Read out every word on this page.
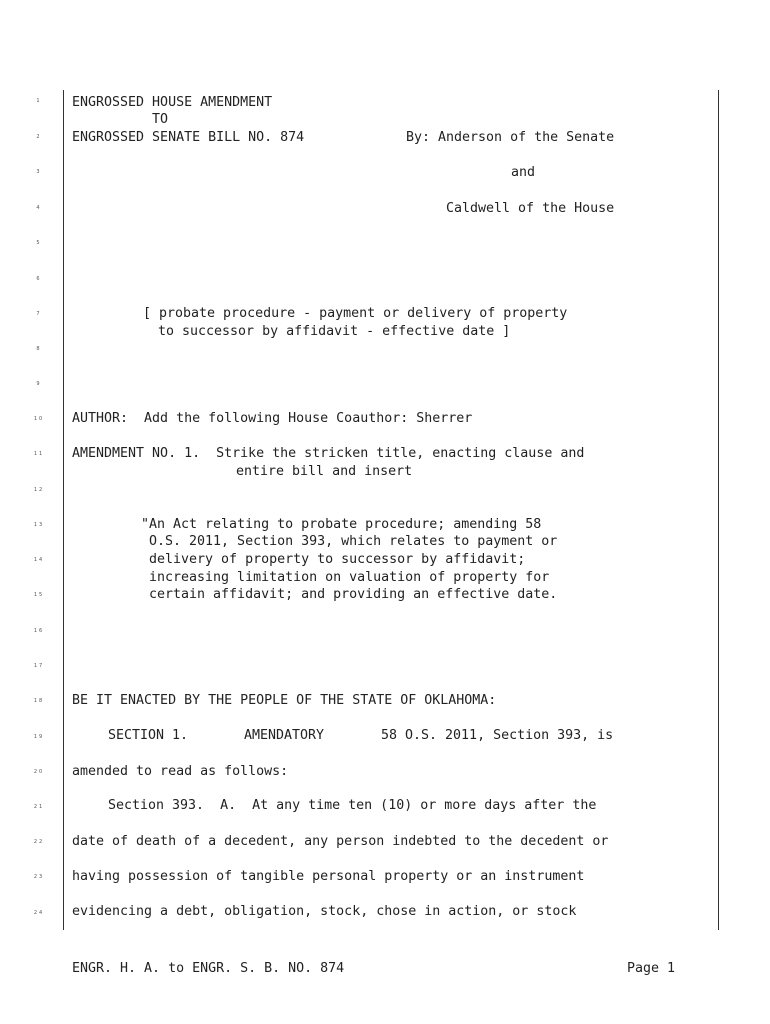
1
2
3
4
5
6
7
8
9
10
11
12
13
14
15
16
17
18
19
20
21
22
23
24
ENGROSSED HOUSE AMENDMENT
TO
ENGROSSED SENATE BILL NO. 874	By: Anderson of the Senate
and
Caldwell of the House
[ probate procedure - payment or delivery of property
to successor by affidavit - effective date ]
AUTHOR:  Add the following House Coauthor: Sherrer
AMENDMENT NO. 1.  Strike the stricken title, enacting clause and
entire bill and insert
"An Act relating to probate procedure; amending 58
O.S. 2011, Section 393, which relates to payment or
delivery of property to successor by affidavit;
increasing limitation on valuation of property for
certain affidavit; and providing an effective date.
BE IT ENACTED BY THE PEOPLE OF THE STATE OF OKLAHOMA:
SECTION 1.	AMENDATORY	58 O.S. 2011, Section 393, is
amended to read as follows:
Section 393.  A.  At any time ten (10) or more days after the
date of death of a decedent, any person indebted to the decedent or
having possession of tangible personal property or an instrument
evidencing a debt, obligation, stock, chose in action, or stock
ENGR. H. A. to ENGR. S. B. NO. 874	Page 1
